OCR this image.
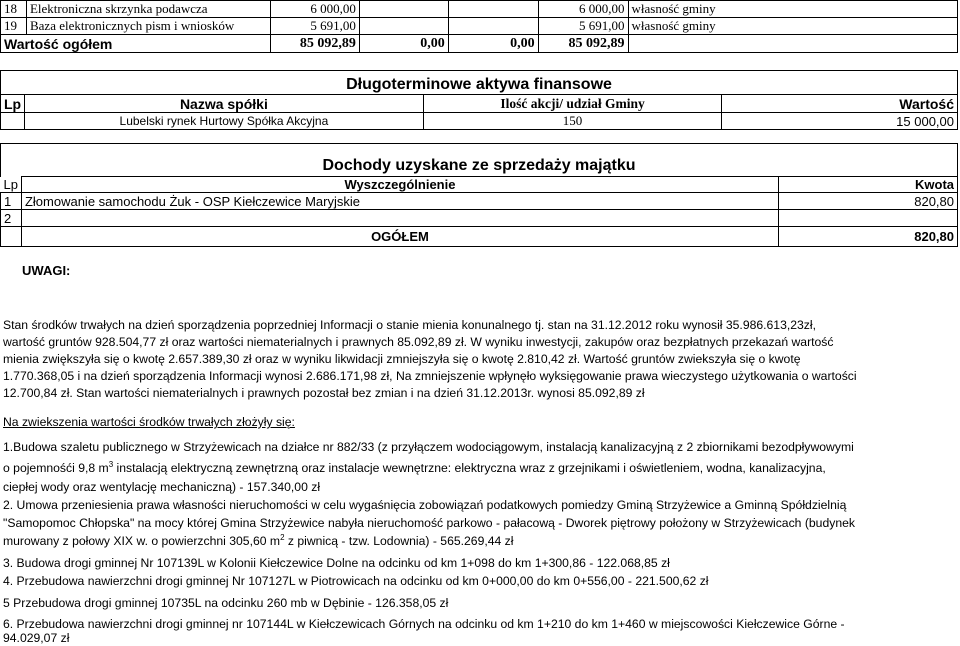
18	Elektroniczna skrzynka podawcza	6 000,00			6 000,00	własność gminy
19	Baza elektronicznych pism i wniosków	5 691,00			5 691,00	własność gminy
Wartość ogółem		85 092,89	0,00	0,00	85 092,89	
Długoterminowe aktywa finansowe			
Lp	Nazwa spółki	Ilość akcji/ udział Gminy	Wartość
	Lubelski rynek Hurtowy Spółka Akcyjna	150	15 000,00
Dochody uzyskane ze sprzedaży majątku		
Lp	Wyszczególnienie	Kwota
1	Złomowanie samochodu Żuk - OSP Kiełczewice Maryjskie	820,80
2		
	OGÓŁEM	820,80
UWAGI:

Stan środków trwałych na dzień sporządzenia poprzedniej Informacji o stanie mienia konunalnego tj. stan na 31.12.2012 roku wynosił 35.986.613,23zł,

wartość gruntów 928.504,77 zł oraz wartości niematerialnych i prawnych 85.092,89 zł. W wyniku inwestycji, zakupów oraz bezpłatnych przekazań wartość

mienia zwiększyła się o kwotę 2.657.389,30 zł oraz w wyniku likwidacji zmniejszyła się o kwotę 2.810,42 zł. Wartość gruntów zwiekszyła się o kwotę

1.770.368,05 i na dzień sporządzenia Informacji wynosi 2.686.171,98 zł, Na zmniejszenie wpłynęło wyksięgowanie prawa wieczystego użytkowania o wartości

12.700,84 zł. Stan wartości niematerialnych i prawnych pozostał bez zmian i na dzień 31.12.2013r. wynosi 85.092,89 zł

Na zwiekszenia wartości środków trwałych złożyły się:

1.Budowa szaletu publicznego w Strzyżewicach na działce nr 882/33 (z przyłączem wodociągowym, instalacją kanalizacyjną z 2 zbiornikami bezodpływowymi

o pojemnośći 9,8 $m^3$ instalacją elektryczną zewnętrzną oraz instalacje wewnętrzne: elektryczna wraz z grzejnikami i oświetleniem, wodna, kanalizacyjna,

ciepłej wody oraz wentylację mechaniczną) - 157.340,00 zł

2. Umowa przeniesienia prawa własności nieruchomości w celu wygaśnięcia zobowiązań podatkowych pomiedzy Gminą Strzyżewice a Gminną Spółdzielnią

"Samopomoc Chłopska" na mocy której Gmina Strzyżewice nabyła nieruchomość parkowo - pałacową - Dworek piętrowy położony w Strzyżewicach (budynek

murowany z połowy XIX w. o powierzchni 305,60 $m^2$ z piwnicą - tzw. Lodownia) - 565.269,44 zł

3. Budowa drogi gminnej Nr 107139L w Kolonii Kiełczewice Dolne na odcinku od km 1+098 do km 1+300,86 - 122.068,85 zł
4. Przebudowa nawierzchni drogi gminnej Nr 107127L w Piotrowicach na odcinku od km 0+000,00 do km 0+556,00 - 221.500,62 zł
5 Przebudowa drogi gminnej 10735L na odcinku 260 mb w Dębinie - 126.358,05 zł

6. Przebudowa nawierzchni drogi gminnej nr 107144L w Kiełczewicach Górnych na odcinku od km 1+210 do km 1+460 w miejscowości Kiełczewice Górne -

94.029,07 zł
